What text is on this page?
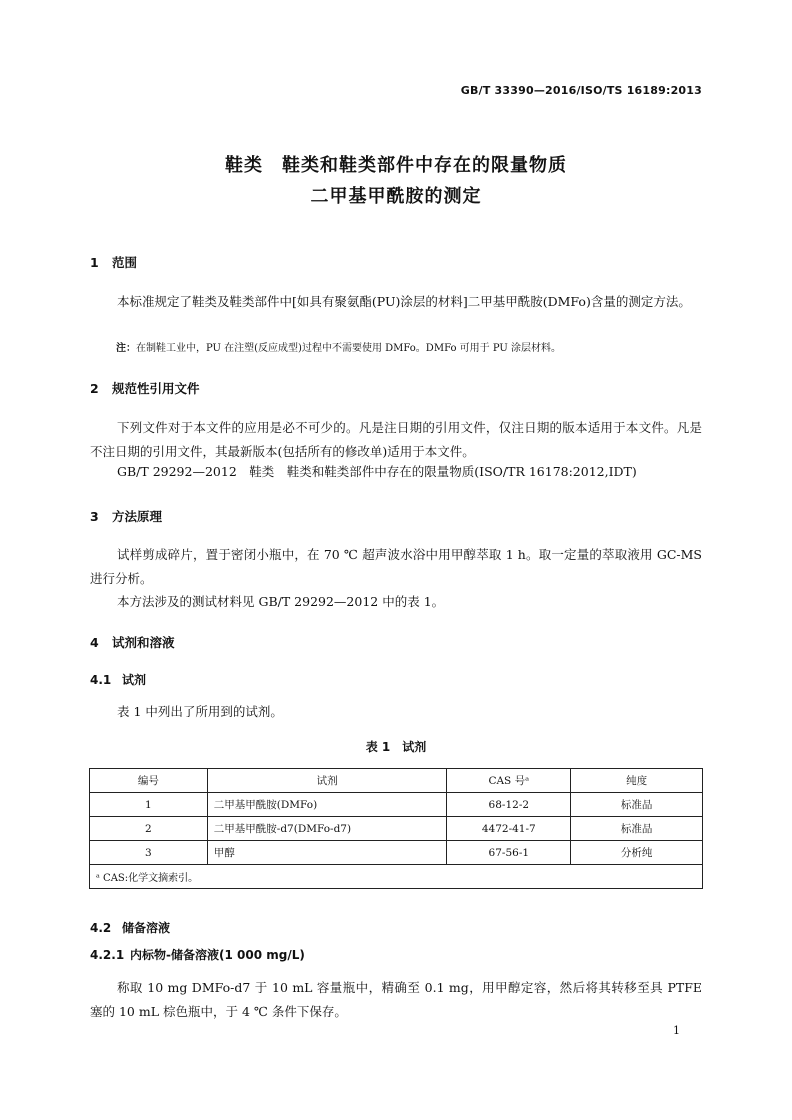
GB/T 33390—2016/ISO/TS 16189:2013
鞋类　鞋类和鞋类部件中存在的限量物质
二甲基甲酰胺的测定
1 范围
本标准规定了鞋类及鞋类部件中[如具有聚氨酯(PU)涂层的材料]二甲基甲酰胺(DMFo)含量的测定方法。
注：在制鞋工业中，PU 在注塑(反应成型)过程中不需要使用 DMFo。DMFo 可用于 PU 涂层材料。
2 规范性引用文件
下列文件对于本文件的应用是必不可少的。凡是注日期的引用文件，仅注日期的版本适用于本文件。凡是不注日期的引用文件，其最新版本(包括所有的修改单)适用于本文件。
GB/T 29292—2012　鞋类　鞋类和鞋类部件中存在的限量物质(ISO/TR 16178:2012,IDT)
3 方法原理
试样剪成碎片，置于密闭小瓶中，在 70 ℃ 超声波水浴中用甲醇萃取 1 h。取一定量的萃取液用 GC-MS 进行分析。
本方法涉及的测试材料见 GB/T 29292—2012 中的表 1。
4 试剂和溶液
4.1 试剂
表 1 中列出了所用到的试剂。
表 1　试剂
编号	试剂	CAS 号ᵃ	纯度
1	二甲基甲酰胺(DMFo)	68-12-2	标准品
2	二甲基甲酰胺-d7(DMFo-d7)	4472-41-7	标准品
3	甲醇	67-56-1	分析纯
ᵃ CAS:化学文摘索引。			
4.2 储备溶液
4.2.1 内标物-储备溶液(1 000 mg/L)
称取 10 mg DMFo-d7 于 10 mL 容量瓶中，精确至 0.1 mg，用甲醇定容，然后将其转移至具 PTFE 塞的 10 mL 棕色瓶中，于 4 ℃ 条件下保存。
1
